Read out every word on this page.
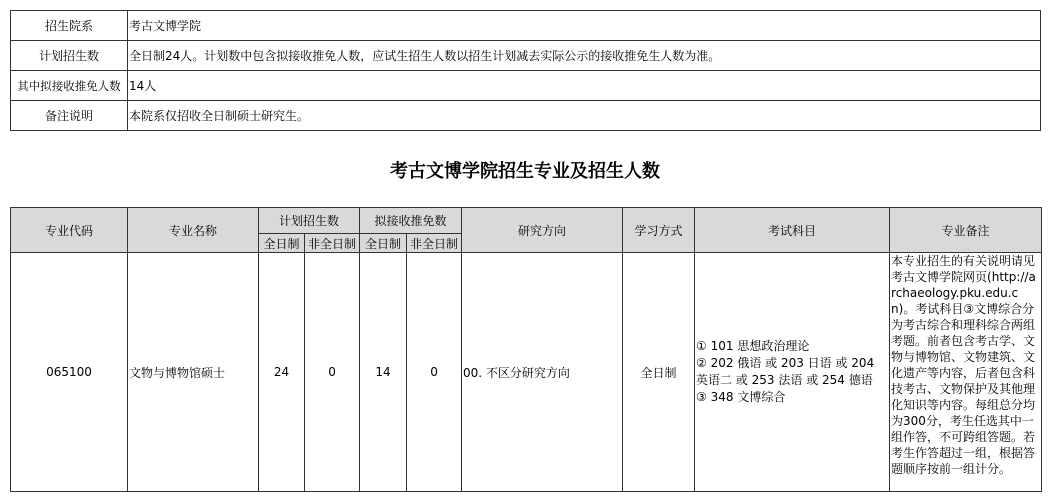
招生院系	考古文博学院
计划招生数	全日制24人。计划数中包含拟接收推免人数，应试生招生人数以招生计划减去实际公示的接收推免生人数为准。
其中拟接收推免人数	14人
备注说明	本院系仅招收全日制硕士研究生。
考古文博学院招生专业及招生人数
专业代码	专业名称	计划招生数		拟接收推免数		研究方向	学习方式	考试科目	专业备注
		全日制	非全日制	全日制	非全日制				
065100	文物与博物馆硕士	24	0	14	0	00. 不区分研究方向	全日制	① 101 思想政治理论
② 202 俄语 或 203 日语 或 204 英语二 或 253 法语 或 254 德语
③ 348 文博综合	本专业招生的有关说明请见考古文博学院网页(http://archaeology.pku.edu.cn)。考试科目③文博综合分为考古综合和理科综合两组考题。前者包含考古学、文物与博物馆、文物建筑、文化遗产等内容，后者包含科技考古、文物保护及其他理化知识等内容。每组总分均为300分，考生任选其中一组作答，不可跨组答题。若考生作答超过一组，根据答题顺序按前一组计分。
